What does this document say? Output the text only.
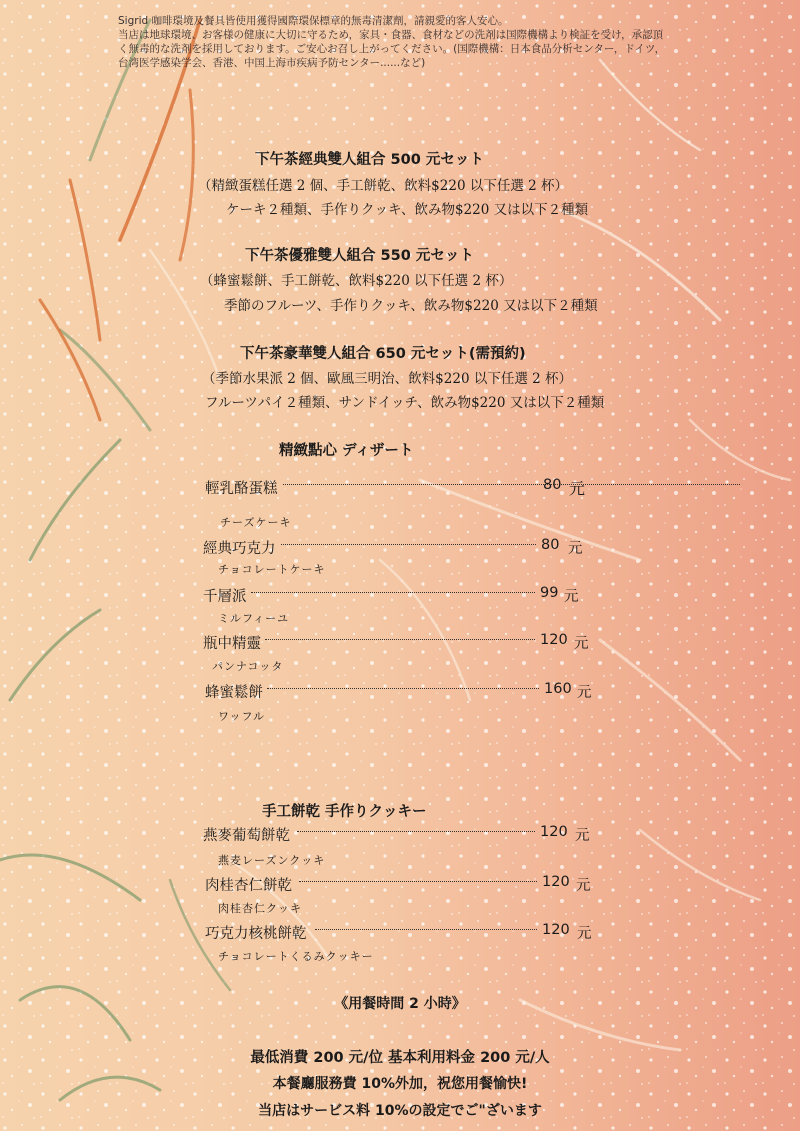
Sigrid 咖啡環境及餐具皆使用獲得國際環保標章的無毒清潔劑，請親愛的客人安心。
当店は地球環境、お客様の健康に大切に守るため，家具・食器、食材などの洗剤は国際機構より検証を受け，承認頂
く無毒的な洗剤を採用しております。ご安心お召し上がってください。(国際機構：日本食品分析センター，ドイツ，
台湾医学感染学会、香港、中国上海市疾病予防センター......など)
下午茶經典雙人組合 500 元セット
（精緻蛋糕任選 2 個、手工餅乾、飲料$220 以下任選 2 杯）
ケーキ２種類、手作りクッキ、飲み物$220 又は以下２種類
下午茶優雅雙人組合 550 元セット
（蜂蜜鬆餅、手工餅乾、飲料$220 以下任選 2 杯）
季節のフルーツ、手作りクッキ、飲み物$220 又は以下２種類
下午茶豪華雙人組合 650 元セット(需預約)
（季節水果派 2 個、歐風三明治、飲料$220 以下任選 2 杯）
フルーツパイ２種類、サンドイッチ、飲み物$220 又は以下２種類
精緻點心 ディザート
輕乳酪蛋糕	80 元
チーズケーキ
經典巧克力	80 元
チョコレートケーキ
千層派	99 元
ミルフィーユ
瓶中精靈	120 元
パンナコッタ
蜂蜜鬆餅	160 元
ワッフル
手工餅乾 手作りクッキー
燕麥葡萄餅乾	120 元
燕麦レーズンクッキ
肉桂杏仁餅乾	120 元
肉桂杏仁クッキ
巧克力核桃餅乾	120 元
チョコレートくるみクッキー
《用餐時間 2 小時》
最低消費 200 元/位 基本利用料金 200 元/人
本餐廳服務費 10%外加，祝您用餐愉快!
当店はサービス料 10%の設定でご"ざいます
